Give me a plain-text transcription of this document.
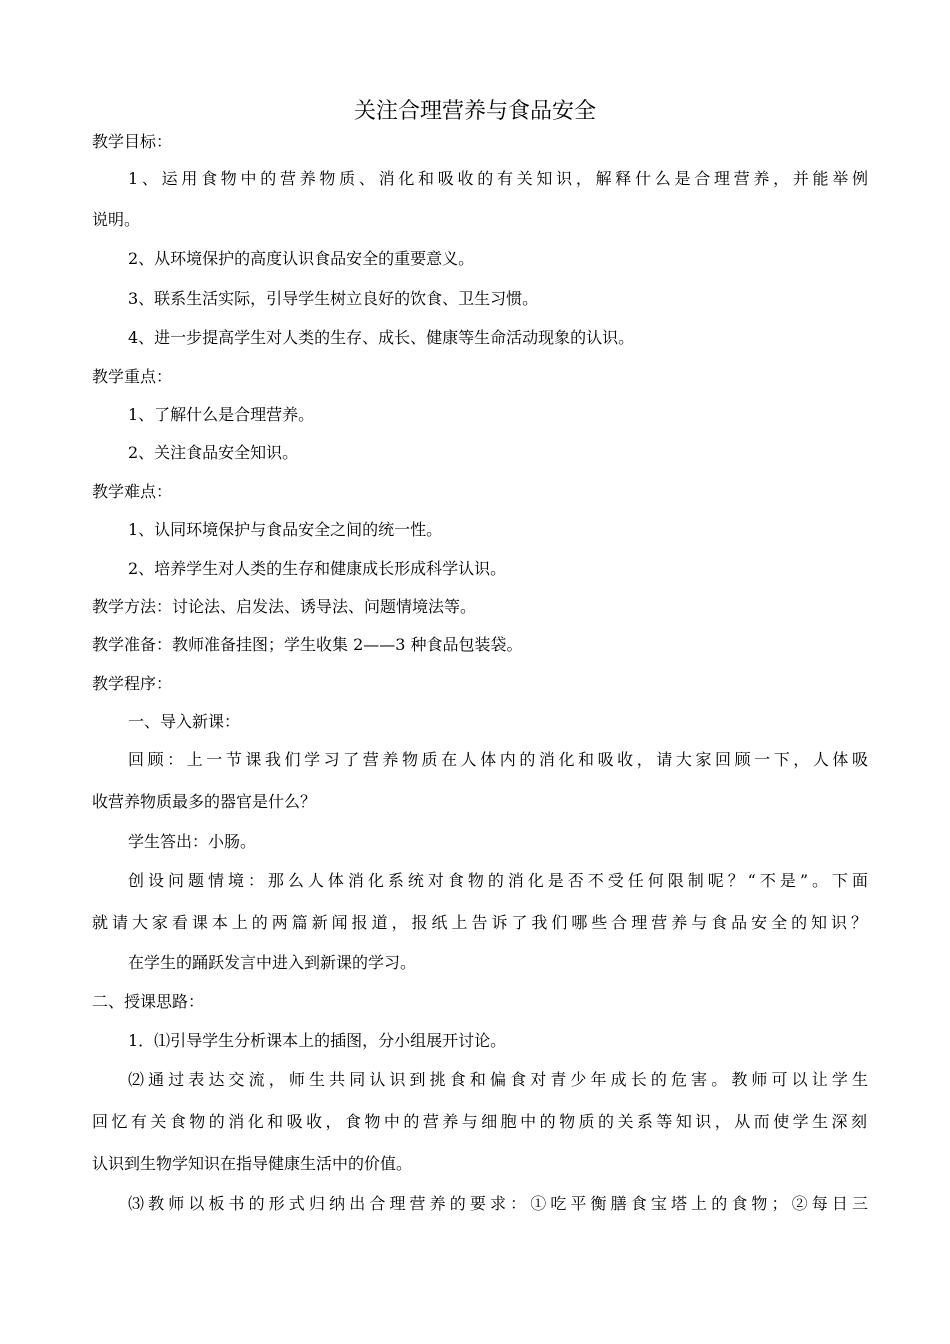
关注合理营养与食品安全
教学目标：
1、运用食物中的营养物质、消化和吸收的有关知识，解释什么是合理营养，并能举例
说明。
2、从环境保护的高度认识食品安全的重要意义。
3、联系生活实际，引导学生树立良好的饮食、卫生习惯。
4、进一步提高学生对人类的生存、成长、健康等生命活动现象的认识。
教学重点：
1、了解什么是合理营养。
2、关注食品安全知识。
教学难点：
1、认同环境保护与食品安全之间的统一性。
2、培养学生对人类的生存和健康成长形成科学认识。
教学方法：讨论法、启发法、诱导法、问题情境法等。
教学准备：教师准备挂图；学生收集 2——3 种食品包装袋。
教学程序：
一、导入新课：
回顾：上一节课我们学习了营养物质在人体内的消化和吸收，请大家回顾一下，人体吸
收营养物质最多的器官是什么？
学生答出：小肠。
创设问题情境：那么人体消化系统对食物的消化是否不受任何限制呢？“不是”。下面
就请大家看课本上的两篇新闻报道，报纸上告诉了我们哪些合理营养与食品安全的知识？
在学生的踊跃发言中进入到新课的学习。
二、授课思路：
1．⑴引导学生分析课本上的插图，分小组展开讨论。
⑵通过表达交流，师生共同认识到挑食和偏食对青少年成长的危害。教师可以让学生
回忆有关食物的消化和吸收，食物中的营养与细胞中的物质的关系等知识，从而使学生深刻
认识到生物学知识在指导健康生活中的价值。
⑶教师以板书的形式归纳出合理营养的要求：①吃平衡膳食宝塔上的食物；②每日三
